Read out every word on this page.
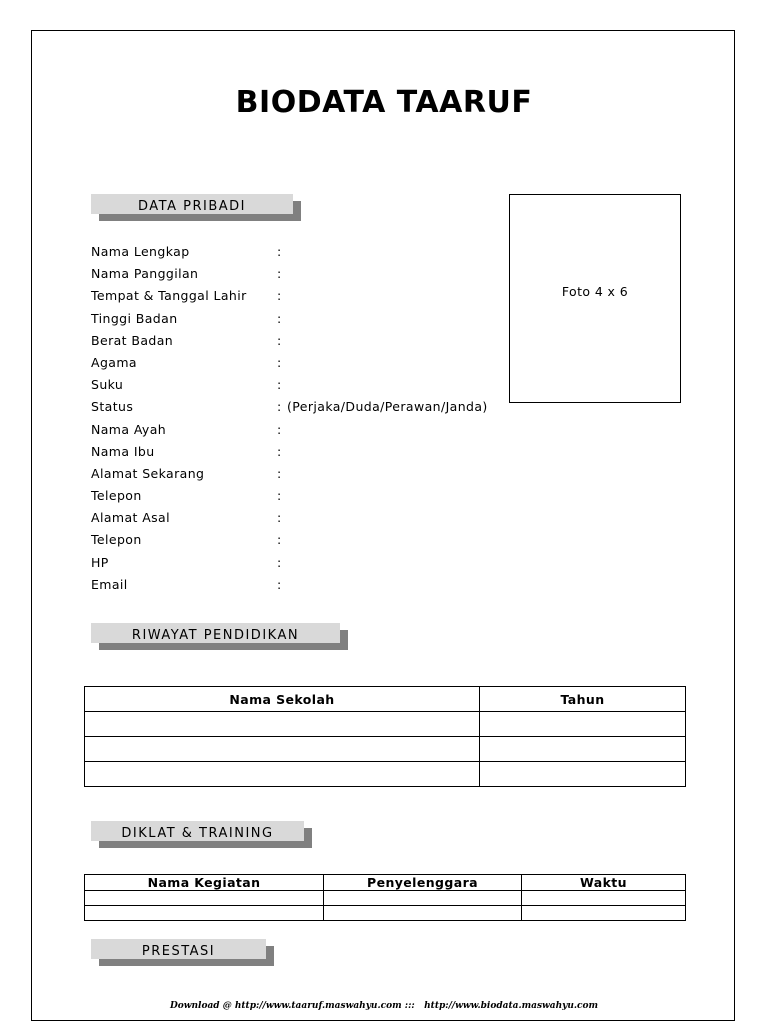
BIODATA TAARUF
DATA PRIBADI
Nama Lengkap	:
Nama Panggilan	:
Tempat & Tanggal Lahir :
Tinggi Badan	:
Berat Badan	:
Agama	:
Suku	:
Status	: (Perjaka/Duda/Perawan/Janda)
Nama Ayah	:
Nama Ibu	:
Alamat Sekarang	:
Telepon	:
Alamat Asal	:
Telepon	:
HP	:
Email	:
Foto 4 x 6
RIWAYAT PENDIDIKAN
Nama Sekolah	Tahun

DIKLAT & TRAINING
Nama Kegiatan	Penyelenggara	Waktu

PRESTASI
Download @ http://www.taaruf.maswahyu.com :::   http://www.biodata.maswahyu.com
